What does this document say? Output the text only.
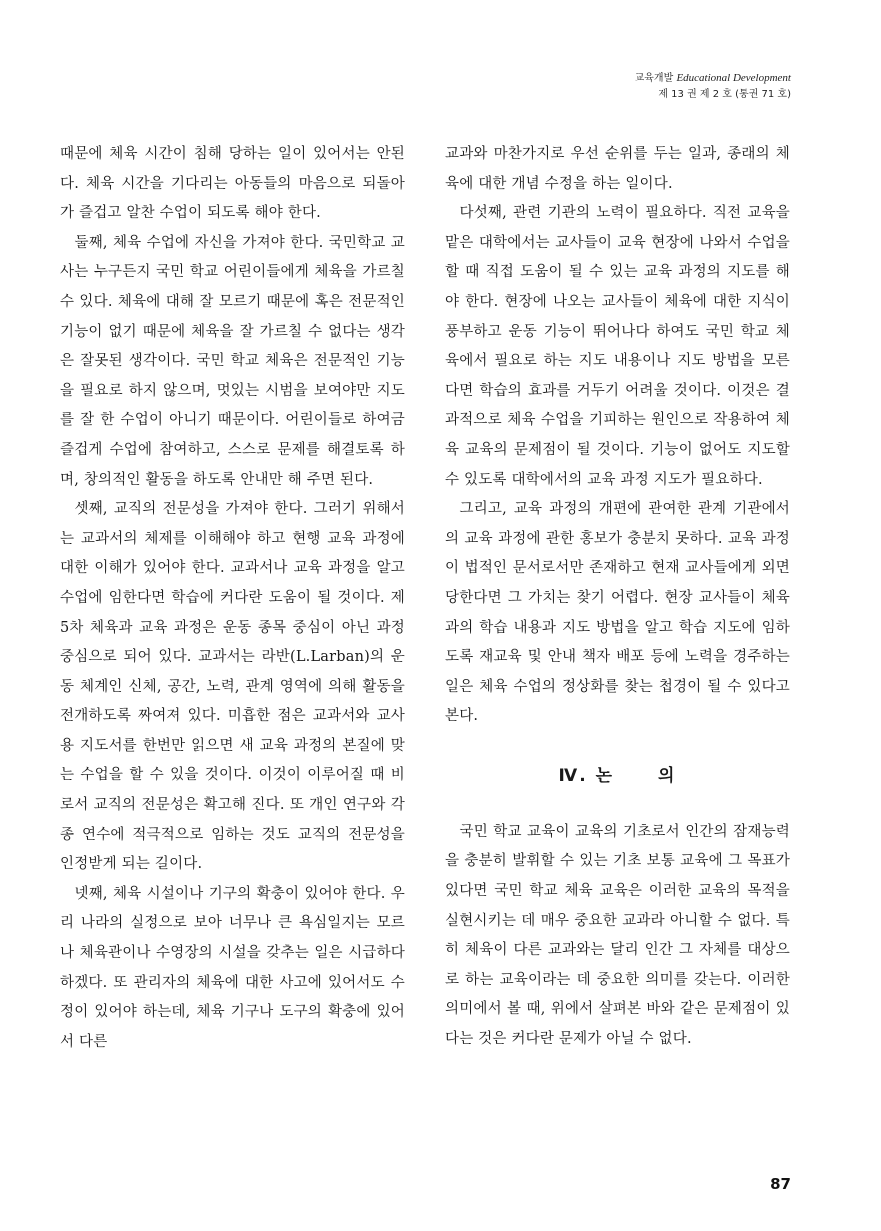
교육개발 Educational Development
제 13 권 제 2 호 (통권 71 호)

때문에 체육 시간이 침해 당하는 일이 있어서는 안된다. 체육 시간을 기다리는 아동들의 마음으로 되돌아가 즐겁고 알찬 수업이 되도록 해야 한다.

둘째, 체육 수업에 자신을 가져야 한다. 국민학교 교사는 누구든지 국민 학교 어린이들에게 체육을 가르칠 수 있다. 체육에 대해 잘 모르기 때문에 혹은 전문적인 기능이 없기 때문에 체육을 잘 가르칠 수 없다는 생각은 잘못된 생각이다. 국민 학교 체육은 전문적인 기능을 필요로 하지 않으며, 멋있는 시범을 보여야만 지도를 잘 한 수업이 아니기 때문이다. 어린이들로 하여금 즐겁게 수업에 참여하고, 스스로 문제를 해결토록 하며, 창의적인 활동을 하도록 안내만 해 주면 된다.

셋째, 교직의 전문성을 가져야 한다. 그러기 위해서는 교과서의 체제를 이해해야 하고 현행 교육 과정에 대한 이해가 있어야 한다. 교과서나 교육 과정을 알고 수업에 임한다면 학습에 커다란 도움이 될 것이다. 제5차 체육과 교육 과정은 운동 종목 중심이 아닌 과정 중심으로 되어 있다. 교과서는 라반(L.Larban)의 운동 체계인 신체, 공간, 노력, 관계 영역에 의해 활동을 전개하도록 짜여져 있다. 미흡한 점은 교과서와 교사용 지도서를 한번만 읽으면 새 교육 과정의 본질에 맞는 수업을 할 수 있을 것이다. 이것이 이루어질 때 비로서 교직의 전문성은 확고해 진다. 또 개인 연구와 각종 연수에 적극적으로 임하는 것도 교직의 전문성을 인정받게 되는 길이다.

넷째, 체육 시설이나 기구의 확충이 있어야 한다. 우리 나라의 실정으로 보아 너무나 큰 욕심일지는 모르나 체육관이나 수영장의 시설을 갖추는 일은 시급하다 하겠다. 또 관리자의 체육에 대한 사고에 있어서도 수정이 있어야 하는데, 체육 기구나 도구의 확충에 있어서 다른

교과와 마찬가지로 우선 순위를 두는 일과, 종래의 체육에 대한 개념 수정을 하는 일이다.

다섯째, 관련 기관의 노력이 필요하다. 직전 교육을 맡은 대학에서는 교사들이 교육 현장에 나와서 수업을 할 때 직접 도움이 될 수 있는 교육 과정의 지도를 해야 한다. 현장에 나오는 교사들이 체육에 대한 지식이 풍부하고 운동 기능이 뛰어나다 하여도 국민 학교 체육에서 필요로 하는 지도 내용이나 지도 방법을 모른다면 학습의 효과를 거두기 어려울 것이다. 이것은 결과적으로 체육 수업을 기피하는 원인으로 작용하여 체육 교육의 문제점이 될 것이다. 기능이 없어도 지도할 수 있도록 대학에서의 교육 과정 지도가 필요하다.

그리고, 교육 과정의 개편에 관여한 관계 기관에서의 교육 과정에 관한 홍보가 충분치 못하다. 교육 과정이 법적인 문서로서만 존재하고 현재 교사들에게 외면 당한다면 그 가치는 찾기 어렵다. 현장 교사들이 체육과의 학습 내용과 지도 방법을 알고 학습 지도에 임하도록 재교육 및 안내 책자 배포 등에 노력을 경주하는 일은 체육 수업의 정상화를 찾는 첩경이 될 수 있다고 본다.

Ⅳ. 논	의

국민 학교 교육이 교육의 기초로서 인간의 잠재능력을 충분히 발휘할 수 있는 기초 보통 교육에 그 목표가 있다면 국민 학교 체육 교육은 이러한 교육의 목적을 실현시키는 데 매우 중요한 교과라 아니할 수 없다. 특히 체육이 다른 교과와는 달리 인간 그 자체를 대상으로 하는 교육이라는 데 중요한 의미를 갖는다. 이러한 의미에서 볼 때, 위에서 살펴본 바와 같은 문제점이 있다는 것은 커다란 문제가 아닐 수 없다.

87
